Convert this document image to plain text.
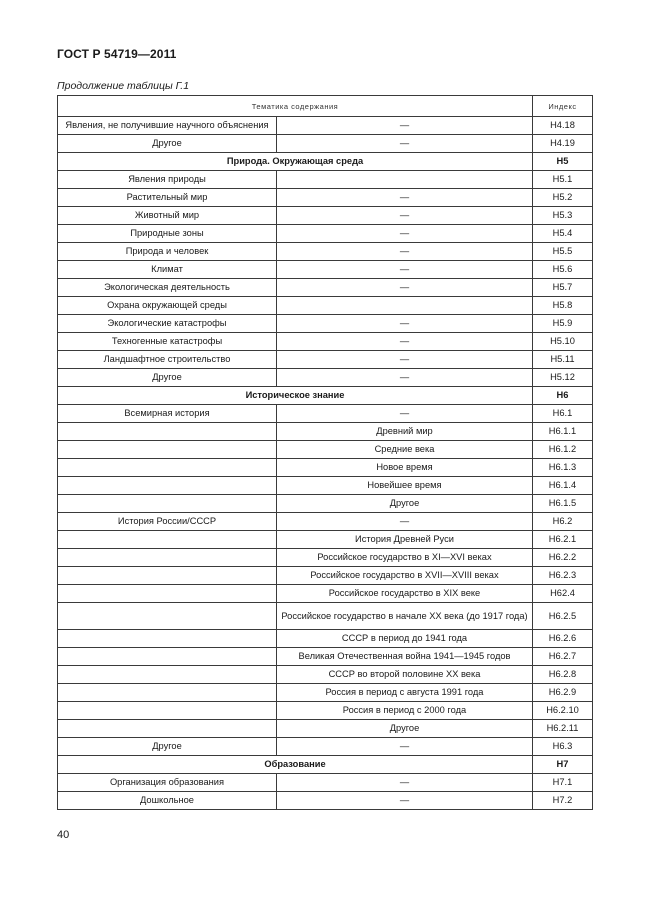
ГОСТ Р 54719—2011
Продолжение таблицы Г.1
Тематика содержания		Индекс
Явления, не получившие научного объяснения	—	Н4.18
Другое	—	Н4.19
Природа. Окружающая среда		Н5
Явления природы		Н5.1
Растительный мир	—	Н5.2
Животный мир	—	Н5.3
Природные зоны	—	Н5.4
Природа и человек	—	Н5.5
Климат	—	Н5.6
Экологическая деятельность	—	Н5.7
Охрана окружающей среды		Н5.8
Экологические катастрофы	—	Н5.9
Техногенные катастрофы	—	Н5.10
Ландшафтное строительство	—	Н5.11
Другое	—	Н5.12
Историческое знание		Н6
Всемирная история	—	Н6.1
	Древний мир	Н6.1.1
	Средние века	Н6.1.2
	Новое время	Н6.1.3
	Новейшее время	Н6.1.4
	Другое	Н6.1.5
История России/СССР	—	Н6.2
	История Древней Руси	Н6.2.1
	Российское государство в XI—XVI веках	Н6.2.2
	Российское государство в XVII—XVIII веках	Н6.2.3
	Российское государство в XIX веке	Н62.4
	Российское государство в начале XX века (до 1917 года)	Н6.2.5
	СССР в период до 1941 года	Н6.2.6
	Великая Отечественная война 1941—1945 годов	Н6.2.7
	СССР во второй половине XX века	Н6.2.8
	Россия в период с августа 1991 года	Н6.2.9
	Россия в период с 2000 года	Н6.2.10
	Другое	Н6.2.11
Другое	—	Н6.3
Образование		Н7
Организация образования	—	Н7.1
Дошкольное	—	Н7.2
40
